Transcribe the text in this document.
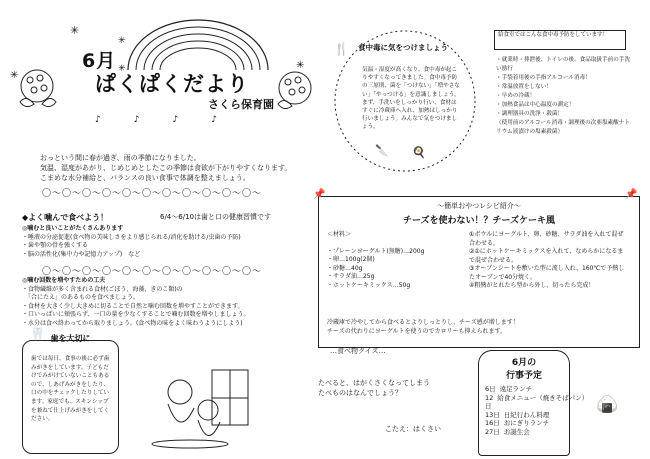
✳
✳
✳	✳
✳
6月
ぱくぱくだより
さくら保育園
♪　♪　♪　♪
おっという間に春が過ぎ、雨の季節になりました。
気温、湿度があがり、じめじめとしたこの季節は食欲が下がりやすくなります。
こまめな水分補給と、バランスの良い食事で体調を整えましょう。
〇〜〇〜〇〜〇〜〇〜〇〜〇〜〇〜〇〜〇〜〇〜
◆よく噛んで食べよう！	6/4〜6/10は歯と口の健康習慣です
◎噛むと良いことがたくさんあります
・唾液の分泌促進(食べ物の美味しさをより感じられる/消化を助ける/虫歯の予防)
・歯や顎の骨を強くする
・脳の活性化(集中力や記憶力アップ)　など
〇〜〇〜〇〜〇〜〇〜〇〜〇〜〇〜〇〜〇〜〇〜
◎噛む回数を増やすための工夫
・食物繊維が多く含まれる食材(ごぼう、海藻、きのこ類)の
　「合にたえ」のあるものを食べましょう。
・食材を大きく少し大きめに切ることで自然と噛む回数を増やすことができます。
・口いっぱいに頬張らず、一口の量を少なくすることで噛む回数を増やしましょう。
・水分は食べ終わってから取りましょう。(食べ物の味をよく味わうようにしよう)
歯を大切に
歯では毎日、食事の後に必ず歯みがきをしています。子どもだけでみがけていないこともあるので、しあげみがきをしたり、口の中をチェックしたりしています。家庭でも、スキンシップを兼ねて仕上げみがきをしてください。
🦷
食中毒に気をつけましょう
気温・湿度が高くなり、食中毒が起こりやすくなってきました。食中毒予防の三原則、菌を「つけない」「増やさない」「やっつける」を意識しましょう。まず、手洗いをしっかり行い、食材はすぐに冷蔵庫へ入れ、加熱はしっかり行いましょう。みんなで気をつけましょう。
🍴
🔪 🍳
給食室ではこんな食中毒予防をしています！
・就業時・排泄後、トイレの後、食品取扱手前の手洗い励行
・手袋着用後の手指アルコール消毒！
・常温放置をしない！
・早めの冷蔵！
・加熱食品は中心温度の測定！
・調理器具の洗浄・殺菌！
（使用前のアルコール消毒・調理後の次亜塩素酸ナトリウム液漬けの塩素殺菌）
📌	📌
〜簡単おやつレシピ紹介〜
チーズを使わない！？チーズケーキ風
＜材料＞
・プレーンヨーグルト(無糖)…200g
・卵…100g(2個)
・砂糖…40g
・サラダ油…25g
・ホットケーキミックス…50g
①ボウルにヨーグルト、卵、砂糖、サラダ油を入れて混ぜ合わせる。
②①にホットケーキミックスを入れて、なめらかになるまで混ぜ合わせる。
③オーブンシートを敷いた型に流し入れ、160℃で予熱したオーブンで40分焼く。
④粗熱がとれたら型から外し、切ったら完成！
冷蔵庫で冷やしてから食べるとよりしっとりし、チーズ感が増します！
チーズの代わりにヨーグルトを使うのでカロリーも抑えられます。
…食べ物クイズ…
たべると、はがくさくなってしまう
たべものはなんでしょう？
こたえ：はくさい
6月の
行事予定
6日 遠足ランチ
12日
給食メニュー（焼きそばパン）
13日 日紀行わん料理
16日 おにぎりランチ
27日 お誕生会
🍙
